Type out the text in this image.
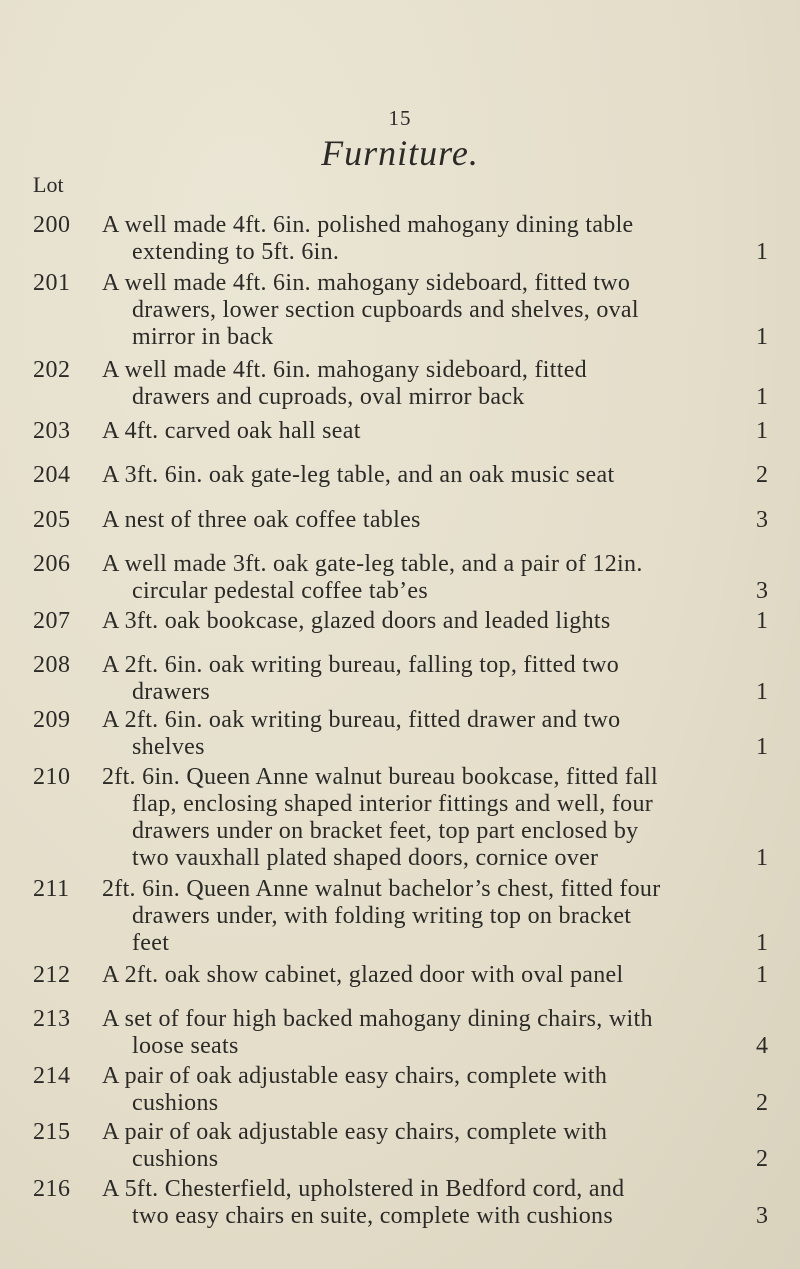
15
Furniture.
Lot
200 A well made 4ft. 6in. polished mahogany dining table
extending to 5ft. 6in.	1
201 A well made 4ft. 6in. mahogany sideboard, fitted two
drawers, lower section cupboards and shelves, oval
mirror in back	1
202 A well made 4ft. 6in. mahogany sideboard, fitted
drawers and cuproads, oval mirror back	1
203 A 4ft. carved oak hall seat	1
204 A 3ft. 6in. oak gate-leg table, and an oak music seat	2
205 A nest of three oak coffee tables	3
206 A well made 3ft. oak gate-leg table, and a pair of 12in.
circular pedestal coffee tab’es	3
207 A 3ft. oak bookcase, glazed doors and leaded lights	1
208 A 2ft. 6in. oak writing bureau, falling top, fitted two
drawers	1
209 A 2ft. 6in. oak writing bureau, fitted drawer and two
shelves	1
210 2ft. 6in. Queen Anne walnut bureau bookcase, fitted fall
flap, enclosing shaped interior fittings and well, four
drawers under on bracket feet, top part enclosed by
two vauxhall plated shaped doors, cornice over	1
211 2ft. 6in. Queen Anne walnut bachelor’s chest, fitted four
drawers under, with folding writing top on bracket
feet	1
212 A 2ft. oak show cabinet, glazed door with oval panel	1
213 A set of four high backed mahogany dining chairs, with
loose seats	4
214 A pair of oak adjustable easy chairs, complete with
cushions	2
215 A pair of oak adjustable easy chairs, complete with
cushions	2
216 A 5ft. Chesterfield, upholstered in Bedford cord, and
two easy chairs en suite, complete with cushions	3
